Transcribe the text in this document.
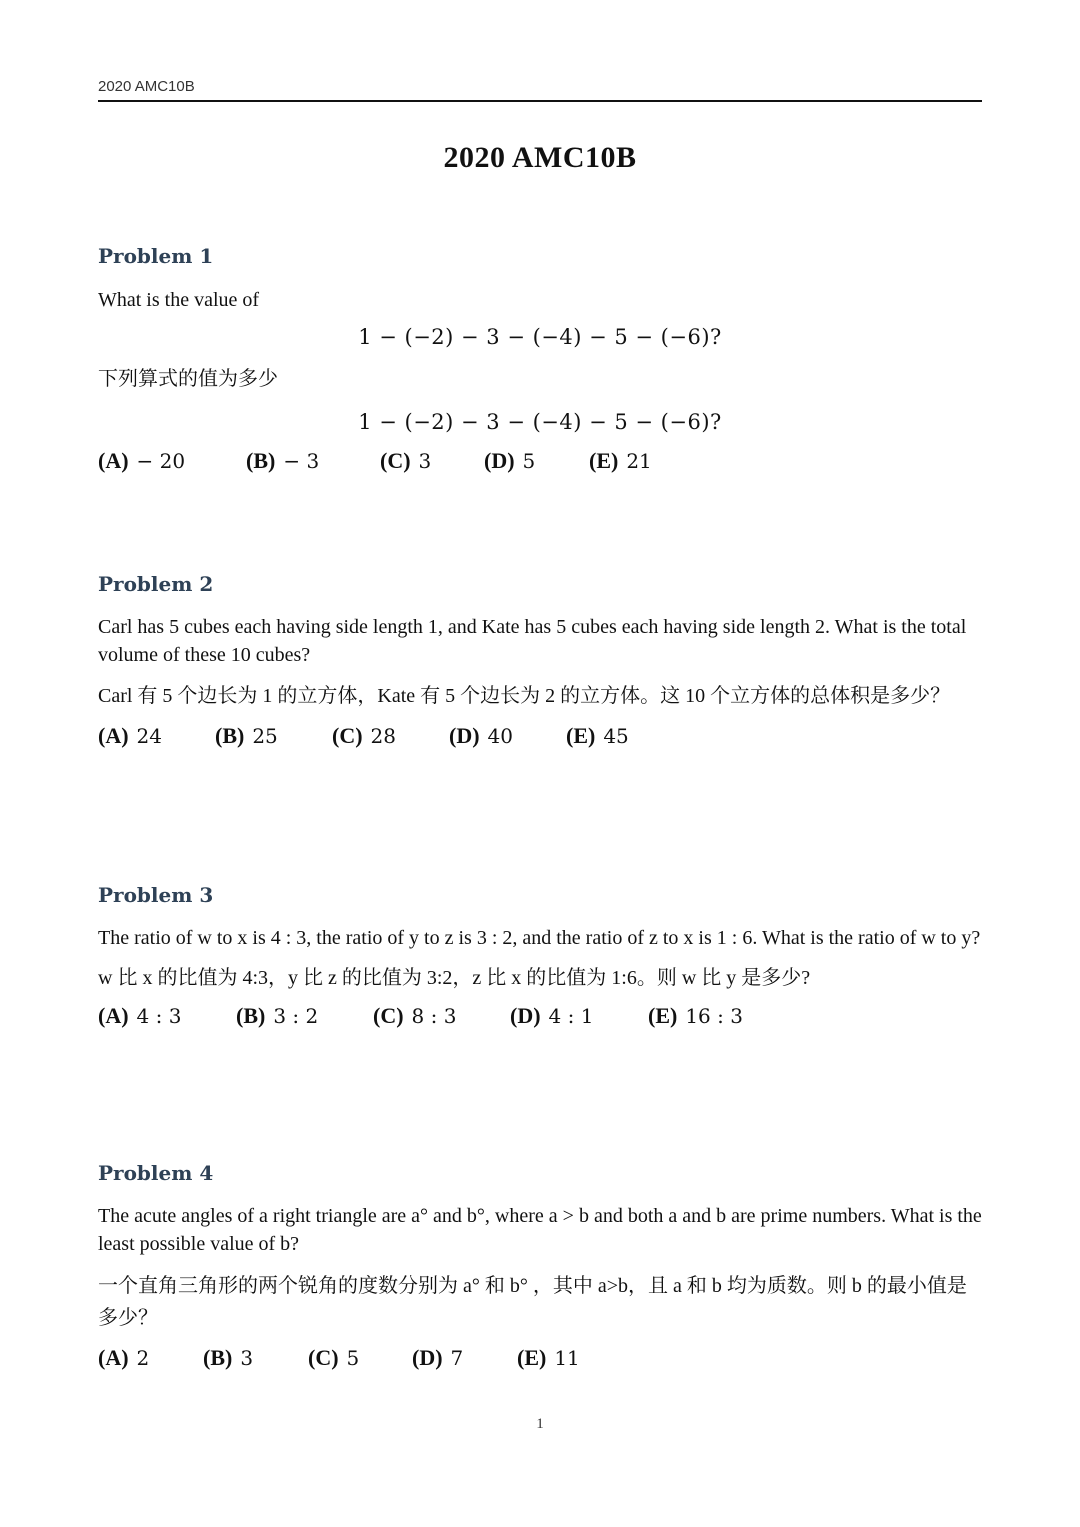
2020 AMC10B
2020 AMC10B
Problem 1

What is the value of

1 − (−2) − 3 − (−4) − 5 − (−6)?

下列算式的值为多少

1 − (−2) − 3 − (−4) − 5 − (−6)?

(A) − 20	(B) − 3	(C) 3 (D) 5 (E) 21
Problem 2

Carl has 5 cubes each having side length 1, and Kate has 5 cubes each having side length 2. What is the total volume of these 10 cubes?

Carl 有 5 个边长为 1 的立方体，Kate 有 5 个边长为 2 的立方体。这 10 个立方体的总体积是多少？

(A) 24 (B) 25 (C) 28 (D) 40 (E) 45
Problem 3

The ratio of w to x is 4 : 3, the ratio of y to z is 3 : 2, and the ratio of z to x is 1 : 6. What is the ratio of w to y?

w 比 x 的比值为 4:3，y 比 z 的比值为 3:2，z 比 x 的比值为 1:6。则 w 比 y 是多少?

(A) 4 : 3 (B) 3 : 2 (C) 8 : 3 (D) 4 : 1 (E) 16 : 3
Problem 4

The acute angles of a right triangle are a° and b°, where a > b and both a and b are prime numbers. What is the least possible value of b?

一个直角三角形的两个锐角的度数分别为 a° 和 b° ，其中 a>b，且 a 和 b 均为质数。则 b 的最小值是多少？

(A) 2 (B) 3 (C) 5 (D) 7 (E) 11
1
